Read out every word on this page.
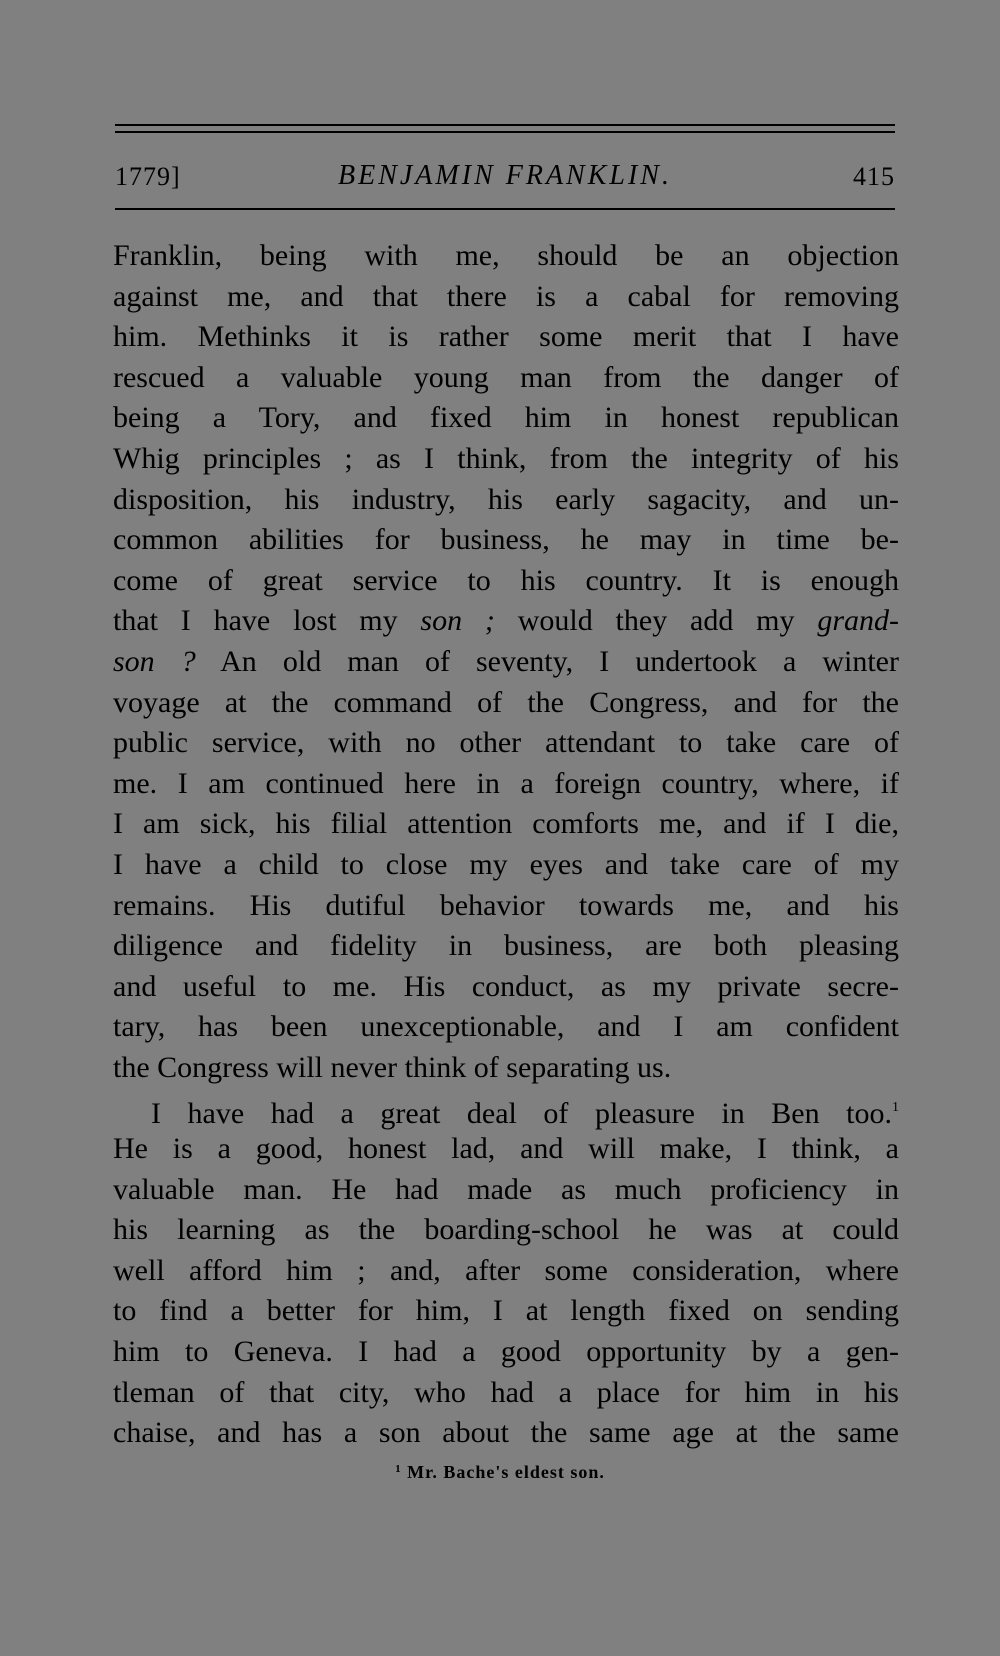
1779]	BENJAMIN FRANKLIN.	415
Franklin, being with me, should be an objection
against me, and that there is a cabal for removing
him. Methinks it is rather some merit that I have
rescued a valuable young man from the danger of
being a Tory, and fixed him in honest republican
Whig principles ; as I think, from the integrity of his
disposition, his industry, his early sagacity, and un-
common abilities for business, he may in time be-
come of great service to his country. It is enough
that I have lost my son ; would they add my grand-
son ? An old man of seventy, I undertook a winter
voyage at the command of the Congress, and for the
public service, with no other attendant to take care of
me. I am continued here in a foreign country, where, if
I am sick, his filial attention comforts me, and if I die,
I have a child to close my eyes and take care of my
remains. His dutiful behavior towards me, and his
diligence and fidelity in business, are both pleasing
and useful to me. His conduct, as my private secre-
tary, has been unexceptionable, and I am confident
the Congress will never think of separating us.
I have had a great deal of pleasure in Ben too.$^1$
He is a good, honest lad, and will make, I think, a
valuable man. He had made as much proficiency in
his learning as the boarding-school he was at could
well afford him ; and, after some consideration, where
to find a better for him, I at length fixed on sending
him to Geneva. I had a good opportunity by a gen-
tleman of that city, who had a place for him in his
chaise, and has a son about the same age at the same
$^1$ Mr. Bache's eldest son.
